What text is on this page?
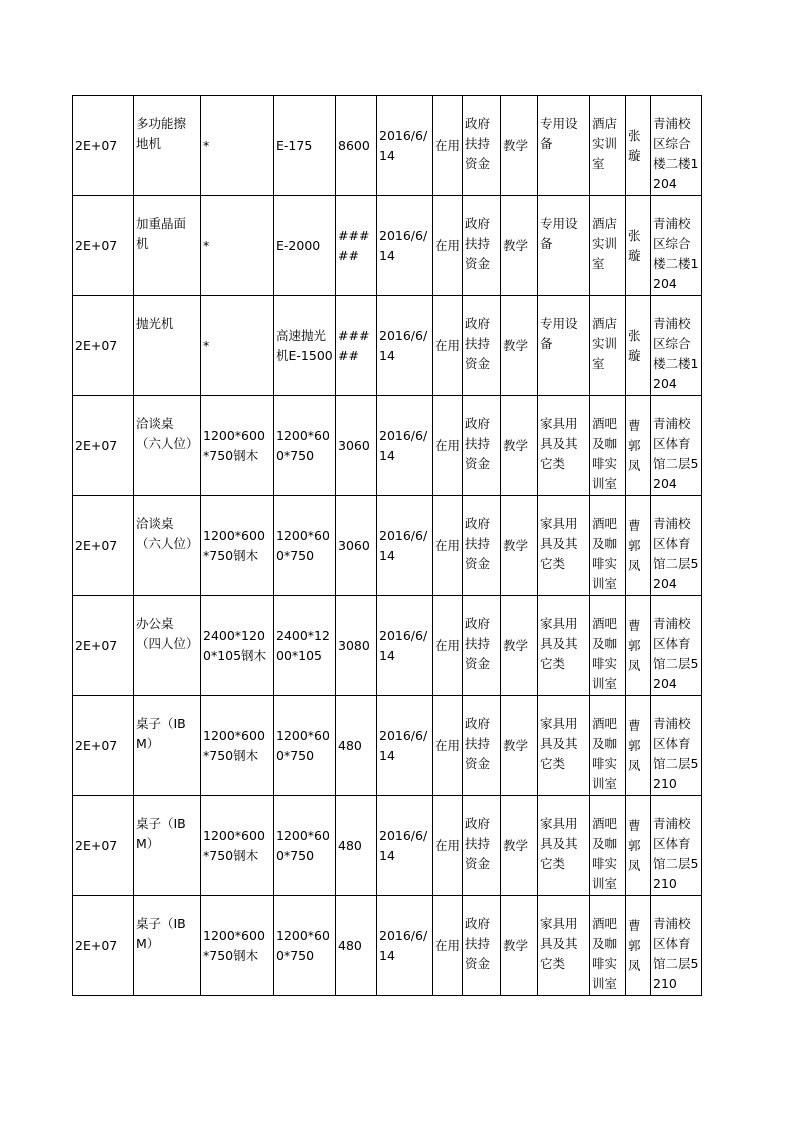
2E+07	多功能擦地机	*	E-175	8600	2016/6/14	在用	政府扶持资金	教学	专用设备	酒店实训室	张璇	青浦校区综合楼二楼1204
2E+07	加重晶面机	*	E-2000	#####	2016/6/14	在用	政府扶持资金	教学	专用设备	酒店实训室	张璇	青浦校区综合楼二楼1204
2E+07	抛光机	*	高速抛光机E-1500	#####	2016/6/14	在用	政府扶持资金	教学	专用设备	酒店实训室	张璇	青浦校区综合楼二楼1204
2E+07	洽谈桌（六人位）	1200*600*750钢木	1200*600*750	3060	2016/6/14	在用	政府扶持资金	教学	家具用具及其它类	酒吧及咖啡实训室	曹郭凤	青浦校区体育馆二层5204
2E+07	洽谈桌（六人位）	1200*600*750钢木	1200*600*750	3060	2016/6/14	在用	政府扶持资金	教学	家具用具及其它类	酒吧及咖啡实训室	曹郭凤	青浦校区体育馆二层5204
2E+07	办公桌（四人位）	2400*1200*105钢木	2400*1200*105	3080	2016/6/14	在用	政府扶持资金	教学	家具用具及其它类	酒吧及咖啡实训室	曹郭凤	青浦校区体育馆二层5204
2E+07	桌子（IBM）	1200*600*750钢木	1200*600*750	480	2016/6/14	在用	政府扶持资金	教学	家具用具及其它类	酒吧及咖啡实训室	曹郭凤	青浦校区体育馆二层5210
2E+07	桌子（IBM）	1200*600*750钢木	1200*600*750	480	2016/6/14	在用	政府扶持资金	教学	家具用具及其它类	酒吧及咖啡实训室	曹郭凤	青浦校区体育馆二层5210
2E+07	桌子（IBM）	1200*600*750钢木	1200*600*750	480	2016/6/14	在用	政府扶持资金	教学	家具用具及其它类	酒吧及咖啡实训室	曹郭凤	青浦校区体育馆二层5210
